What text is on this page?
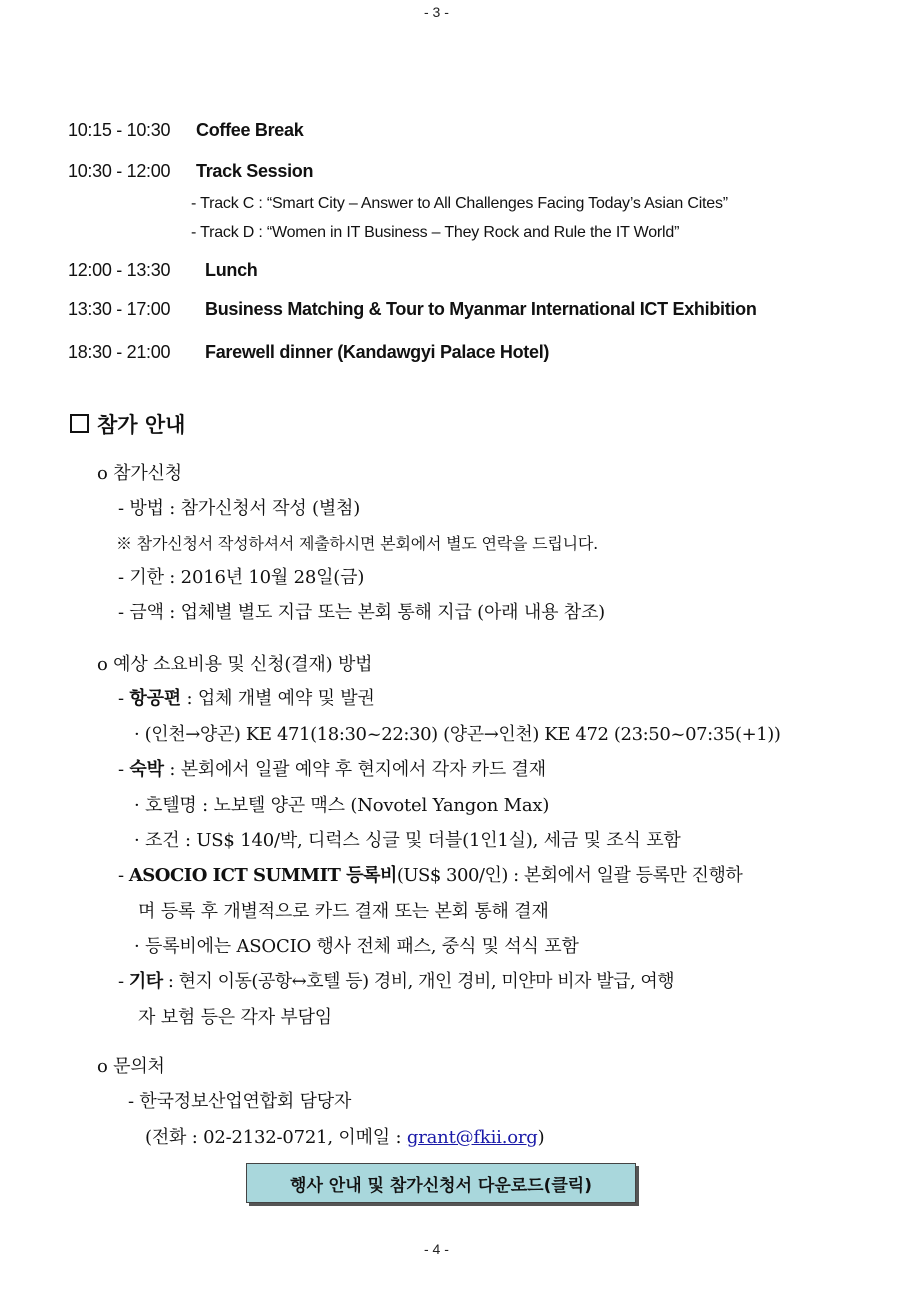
- 3 -
10:15 - 10:30 Coffee Break
10:30 - 12:00 Track Session
- Track C : “Smart City – Answer to All Challenges Facing Today’s Asian Cites”
- Track D : “Women in IT Business – They Rock and Rule the IT World”
12:00 - 13:30 Lunch
13:30 - 17:00 Business Matching & Tour to Myanmar International ICT Exhibition
18:30 - 21:00 Farewell dinner (Kandawgyi Palace Hotel)
참가 안내
o 참가신청
- 방법 : 참가신청서 작성 (별첨)
※ 참가신청서 작성하셔서 제출하시면 본회에서 별도 연락을 드립니다.
- 기한 : 2016년 10월 28일(금)
- 금액 : 업체별 별도 지급 또는 본회 통해 지급 (아래 내용 참조)
o 예상 소요비용 및 신청(결재) 방법
- 항공편 : 업체 개별 예약 및 발권
· (인천→양곤) KE 471(18:30~22:30) (양곤→인천) KE 472 (23:50~07:35(+1))
- 숙박 : 본회에서 일괄 예약 후 현지에서 각자 카드 결재
· 호텔명 : 노보텔 양곤 맥스 (Novotel Yangon Max)
· 조건 : US$ 140/박, 디럭스 싱글 및 더블(1인1실), 세금 및 조식 포함
- ASOCIO ICT SUMMIT 등록비(US$ 300/인) : 본회에서 일괄 등록만 진행하
며 등록 후 개별적으로 카드 결재 또는 본회 통해 결재
· 등록비에는 ASOCIO 행사 전체 패스, 중식 및 석식 포함
- 기타 : 현지 이동(공항↔호텔 등) 경비, 개인 경비, 미얀마 비자 발급, 여행
자 보험 등은 각자 부담임
o 문의처
- 한국정보산업연합회 담당자
(전화 : 02-2132-0721, 이메일 : grant@fkii.org)
행사 안내 및 참가신청서 다운로드(클릭)
- 4 -
